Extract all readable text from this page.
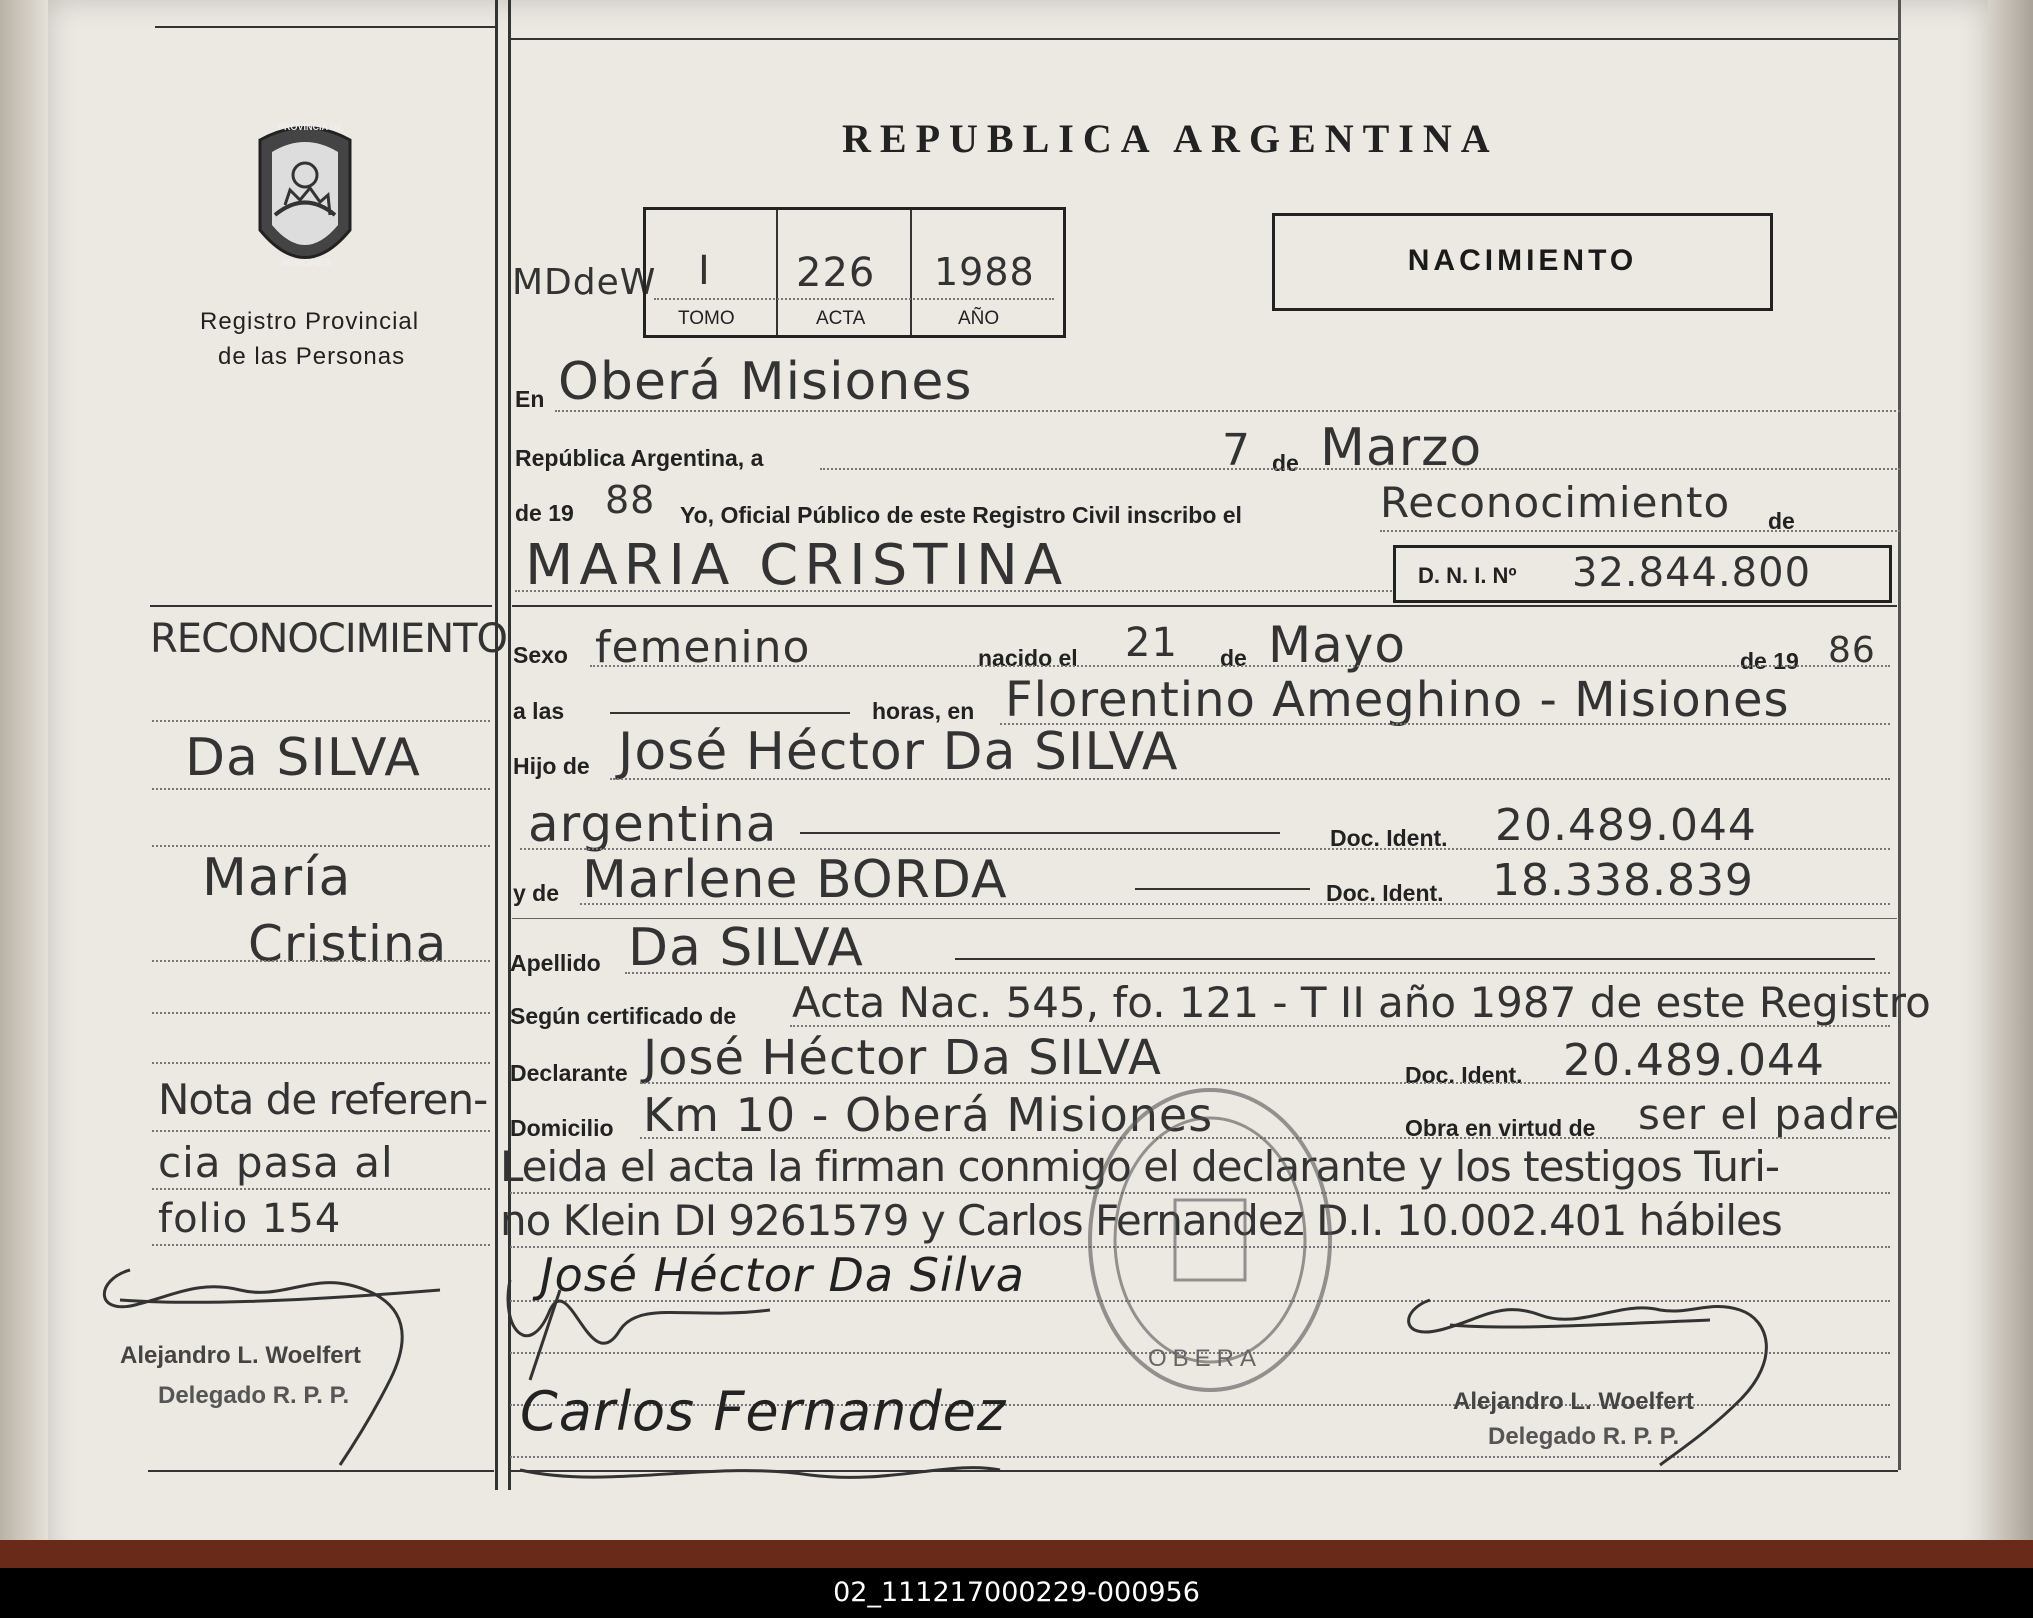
REPUBLICA ARGENTINA
NACIMIENTO
PROVINCIA DE
MISIONES
Registro Provincial
de las Personas
MDdeW I 226 1988
TOMO	ACTA	AÑO
En Oberá Misiones
República Argentina, a	7 de Marzo
de 19 88 Yo, Oficial Público de este Registro Civil inscribo el	Reconocimiento de
MARIA CRISTINA	D. N. I. Nº 32.844.800
Sexo femenino	nacido el 21 de Mayo	de 19 86
a las	horas, en Florentino Ameghino - Misiones
Hijo de José Héctor Da SILVA
argentina	Doc. Ident. 20.489.044
y de Marlene BORDA	Doc. Ident. 18.338.839
Apellido Da SILVA
Según certificado de Acta Nac. 545, fo. 121 - T II año 1987 de este Registro
Declarante José Héctor Da SILVA	Doc. Ident. 20.489.044
Domicilio Km 10 - Oberá Misiones	Obra en virtud de ser el padre
Leida el acta la firman conmigo el declarante y los testigos Turi-
no Klein DI 9261579 y Carlos Fernandez D.I. 10.002.401 hábiles
José Héctor Da Silva
Carlos Fernandez
OBERA
Alejandro L. Woelfert
Delegado R. P. P.
RECONOCIMIENTO
Da SILVA
María
Cristina
Nota de referen-
cia pasa al
folio 154
Alejandro L. Woelfert
Delegado R. P. P.
02_111217000229-000956
